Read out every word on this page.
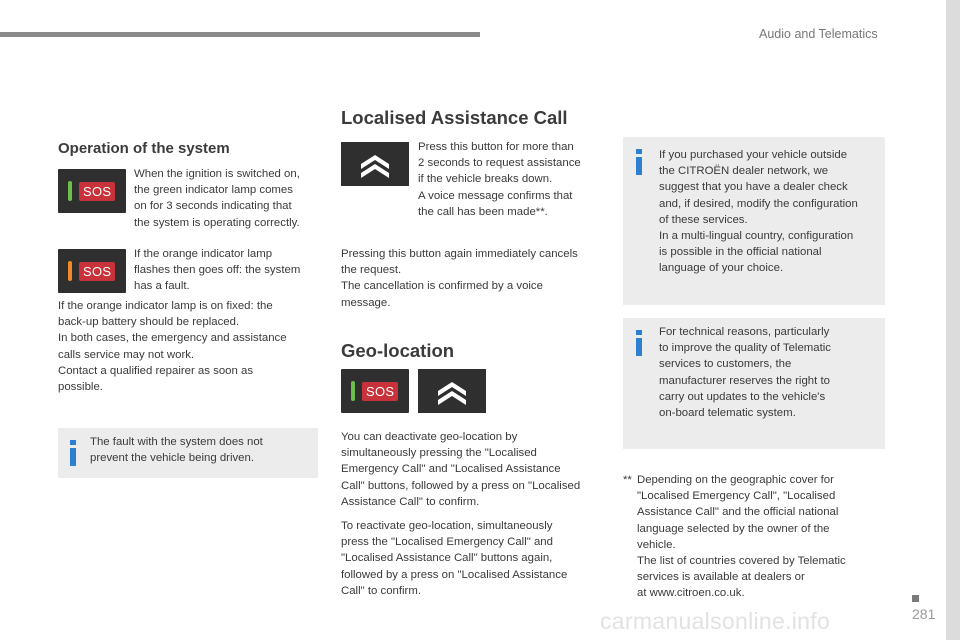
Audio and Telematics
Operation of the system
SOS

When the ignition is switched on,
the green indicator lamp comes
on for 3 seconds indicating that
the system is operating correctly.

SOS

If the orange indicator lamp
flashes then goes off: the system
has a fault.

If the orange indicator lamp is on fixed: the
back-up battery should be replaced.
In both cases, the emergency and assistance
calls service may not work.
Contact a qualified repairer as soon as
possible.

The fault with the system does not
prevent the vehicle being driven.

Localised Assistance Call

Press this button for more than
2 seconds to request assistance
if the vehicle breaks down.
A voice message confirms that
the call has been made**.

Pressing this button again immediately cancels
the request.
The cancellation is confirmed by a voice
message.

Geo-location
SOS

You can deactivate geo-location by
simultaneously pressing the "Localised
Emergency Call" and "Localised Assistance
Call" buttons, followed by a press on "Localised
Assistance Call" to confirm.

To reactivate geo-location, simultaneously
press the "Localised Emergency Call" and
"Localised Assistance Call" buttons again,
followed by a press on "Localised Assistance
Call" to confirm.

If you purchased your vehicle outside
the CITROËN dealer network, we
suggest that you have a dealer check
and, if desired, modify the configuration
of these services.
In a multi-lingual country, configuration
is possible in the official national
language of your choice.

For technical reasons, particularly
to improve the quality of Telematic
services to customers, the
manufacturer reserves the right to
carry out updates to the vehicle's
on-board telematic system.

** Depending on the geographic cover for
"Localised Emergency Call", "Localised
Assistance Call" and the official national
language selected by the owner of the
vehicle.
The list of countries covered by Telematic
services is available at dealers or
at www.citroen.co.uk.

carmanualsonline.info	281
